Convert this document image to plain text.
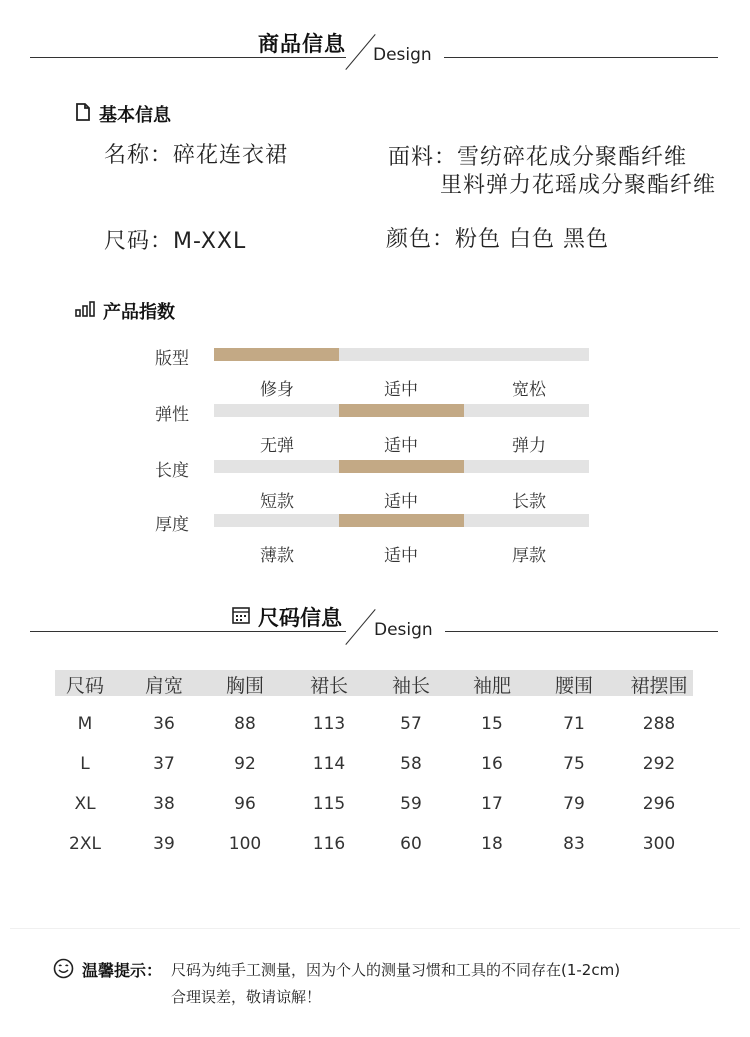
商品信息 Design
基本信息
名称：碎花连衣裙	面料：雪纺碎花成分聚酯纤维
里料弹力花瑶成分聚酯纤维
尺码：M-XXL	颜色：粉色 白色 黑色
产品指数
版型
修身	适中	宽松
弹性
无弹	适中	弹力
长度
短款	适中	长款
厚度
薄款	适中	厚款
尺码信息 Design
尺码	肩宽	胸围	裙长	袖长	袖肥	腰围	裙摆围
M	36	88	113	57	15	71	288
L	37	92	114	58	16	75	292
XL	38	96	115	59	17	79	296
2XL	39	100	116	60	18	83	300
温馨提示： 尺码为纯手工测量，因为个人的测量习惯和工具的不同存在(1-2cm)
合理误差，敬请谅解！
